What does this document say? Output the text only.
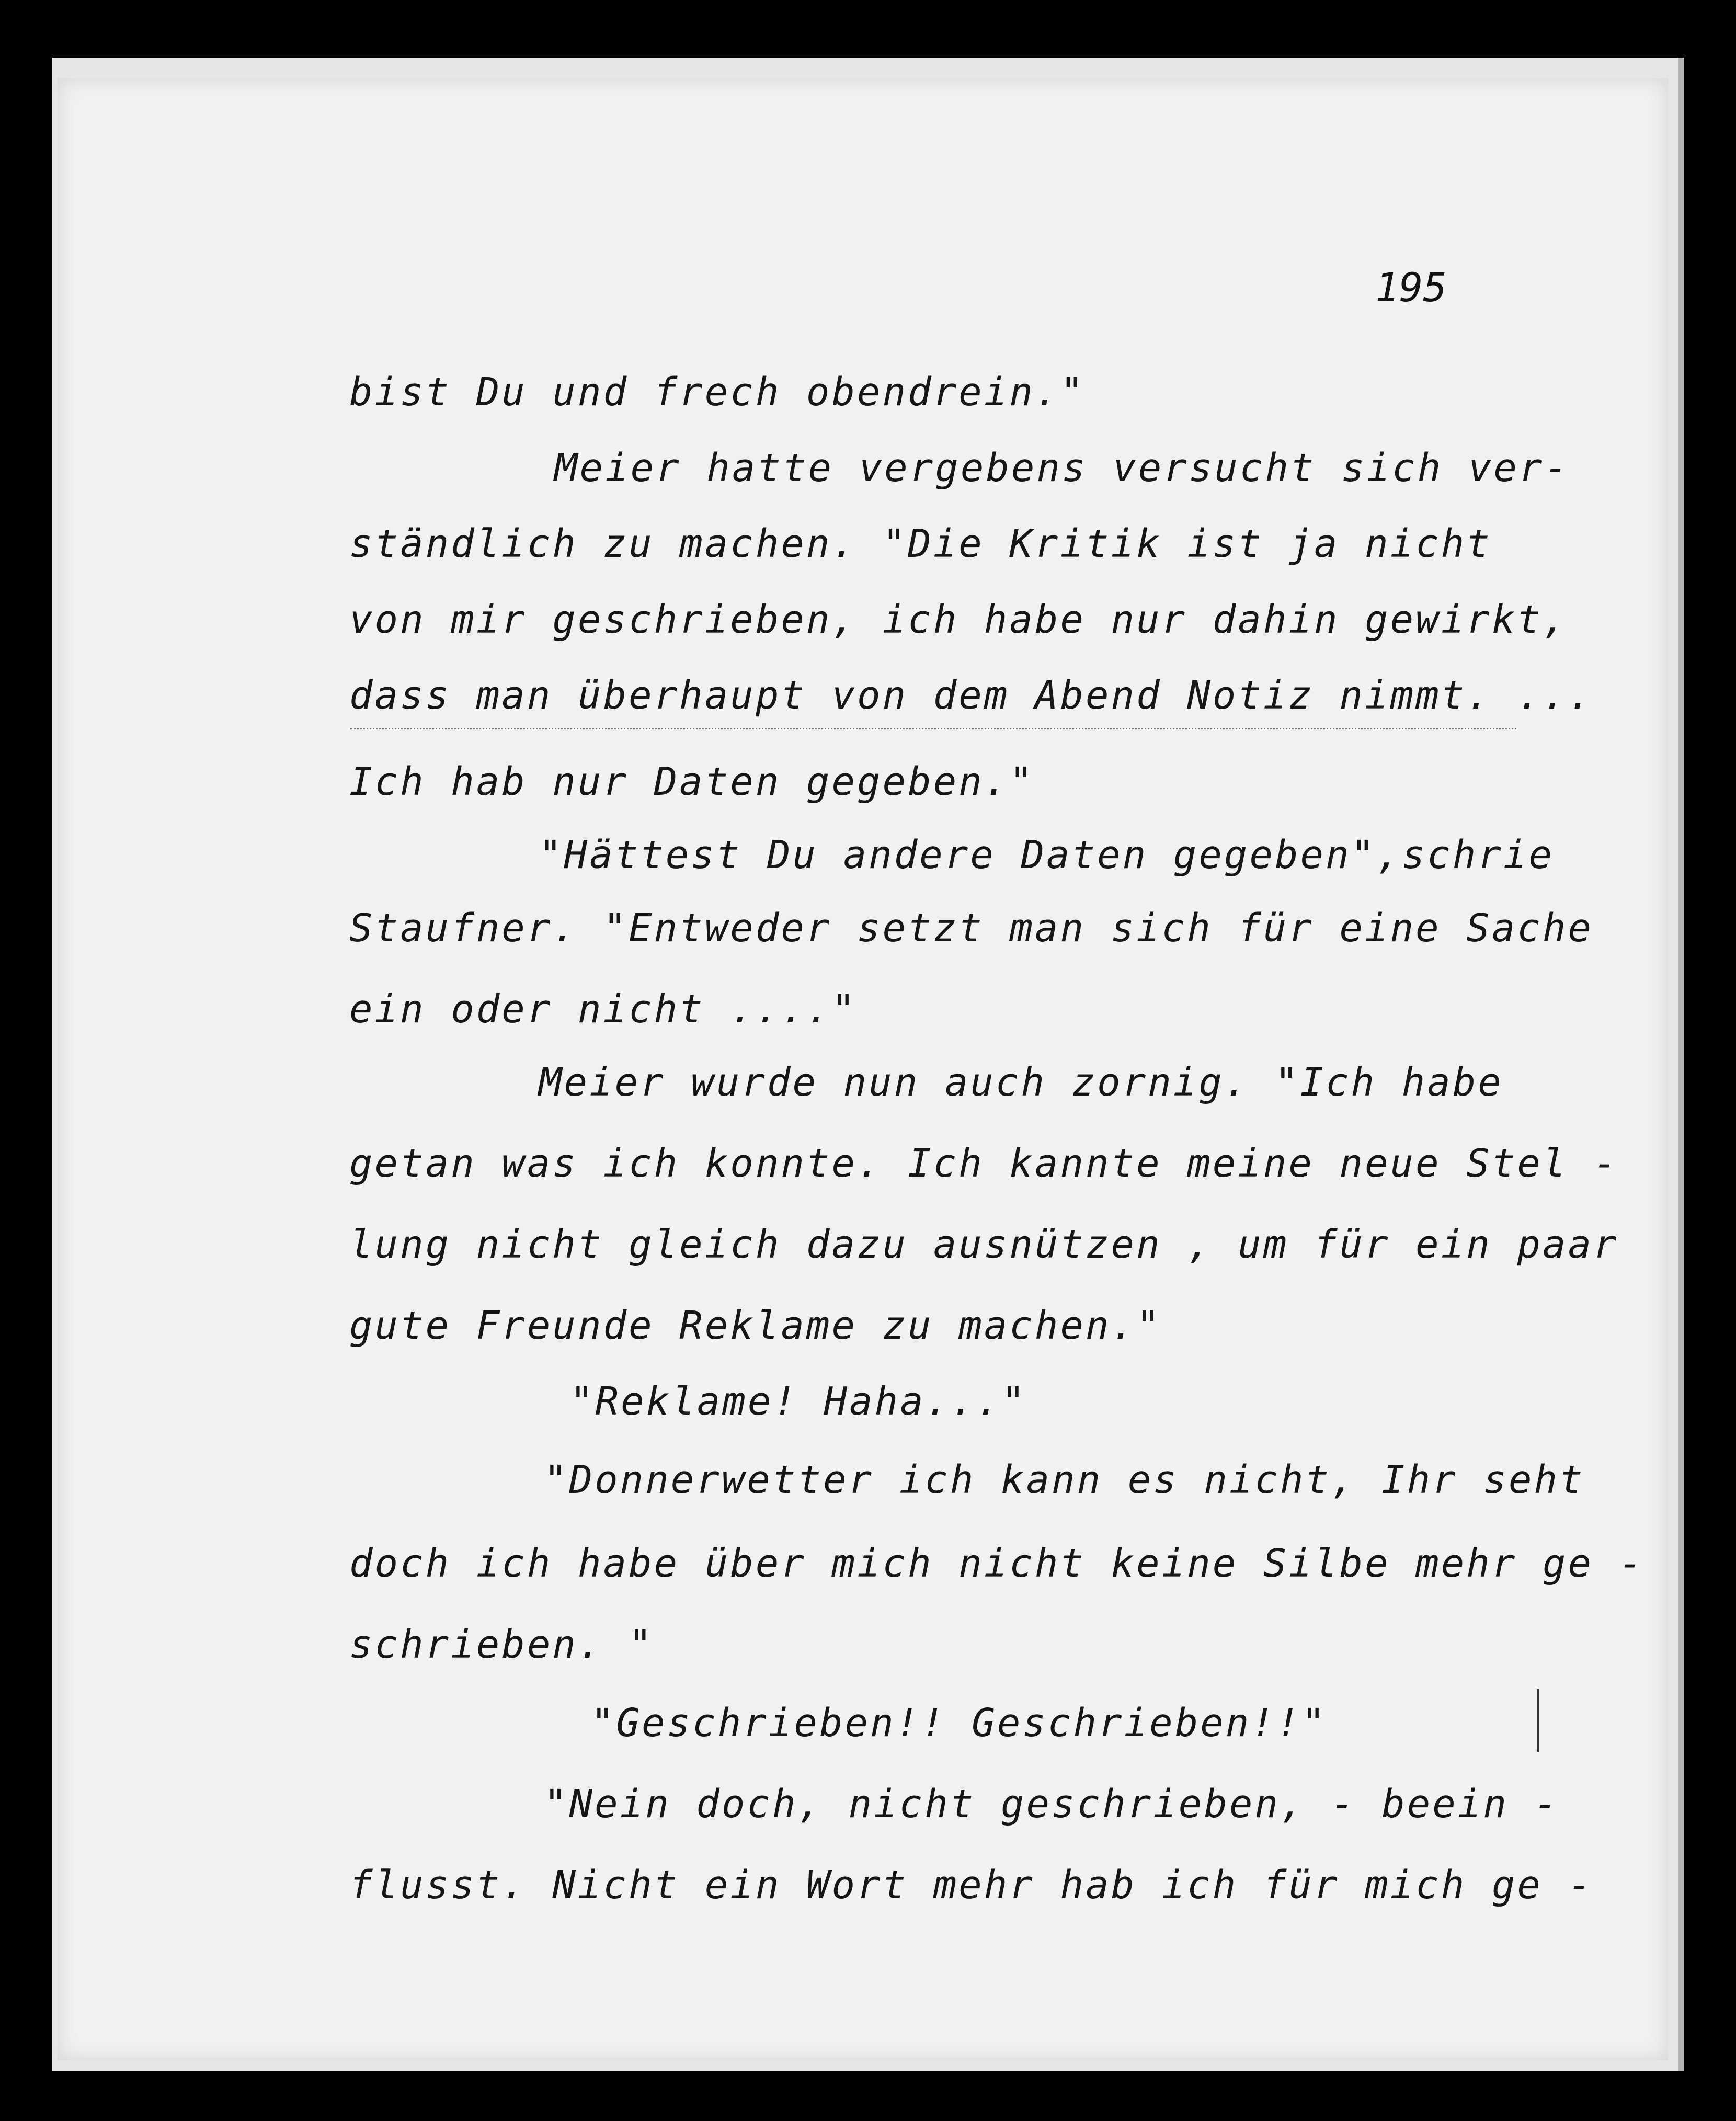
195
bist Du und frech obendrein."
Meier hatte vergebens versucht sich ver-
ständlich zu machen. "Die Kritik ist ja nicht
von mir geschrieben, ich habe nur dahin gewirkt,
dass man überhaupt von dem Abend Notiz nimmt. ...
Ich hab nur Daten gegeben."
"Hättest Du andere Daten gegeben",schrie
Staufner. "Entweder setzt man sich für eine Sache
ein oder nicht ...."
Meier wurde nun auch zornig. "Ich habe
getan was ich konnte. Ich kannte meine neue Stel -
lung nicht gleich dazu ausnützen , um für ein paar
gute Freunde Reklame zu machen."
"Reklame! Haha..."
"Donnerwetter ich kann es nicht, Ihr seht
doch ich habe über mich nicht keine Silbe mehr ge -
schrieben. "
"Geschrieben!! Geschrieben!!"
"Nein doch, nicht geschrieben, - beein -
flusst. Nicht ein Wort mehr hab ich für mich ge -
